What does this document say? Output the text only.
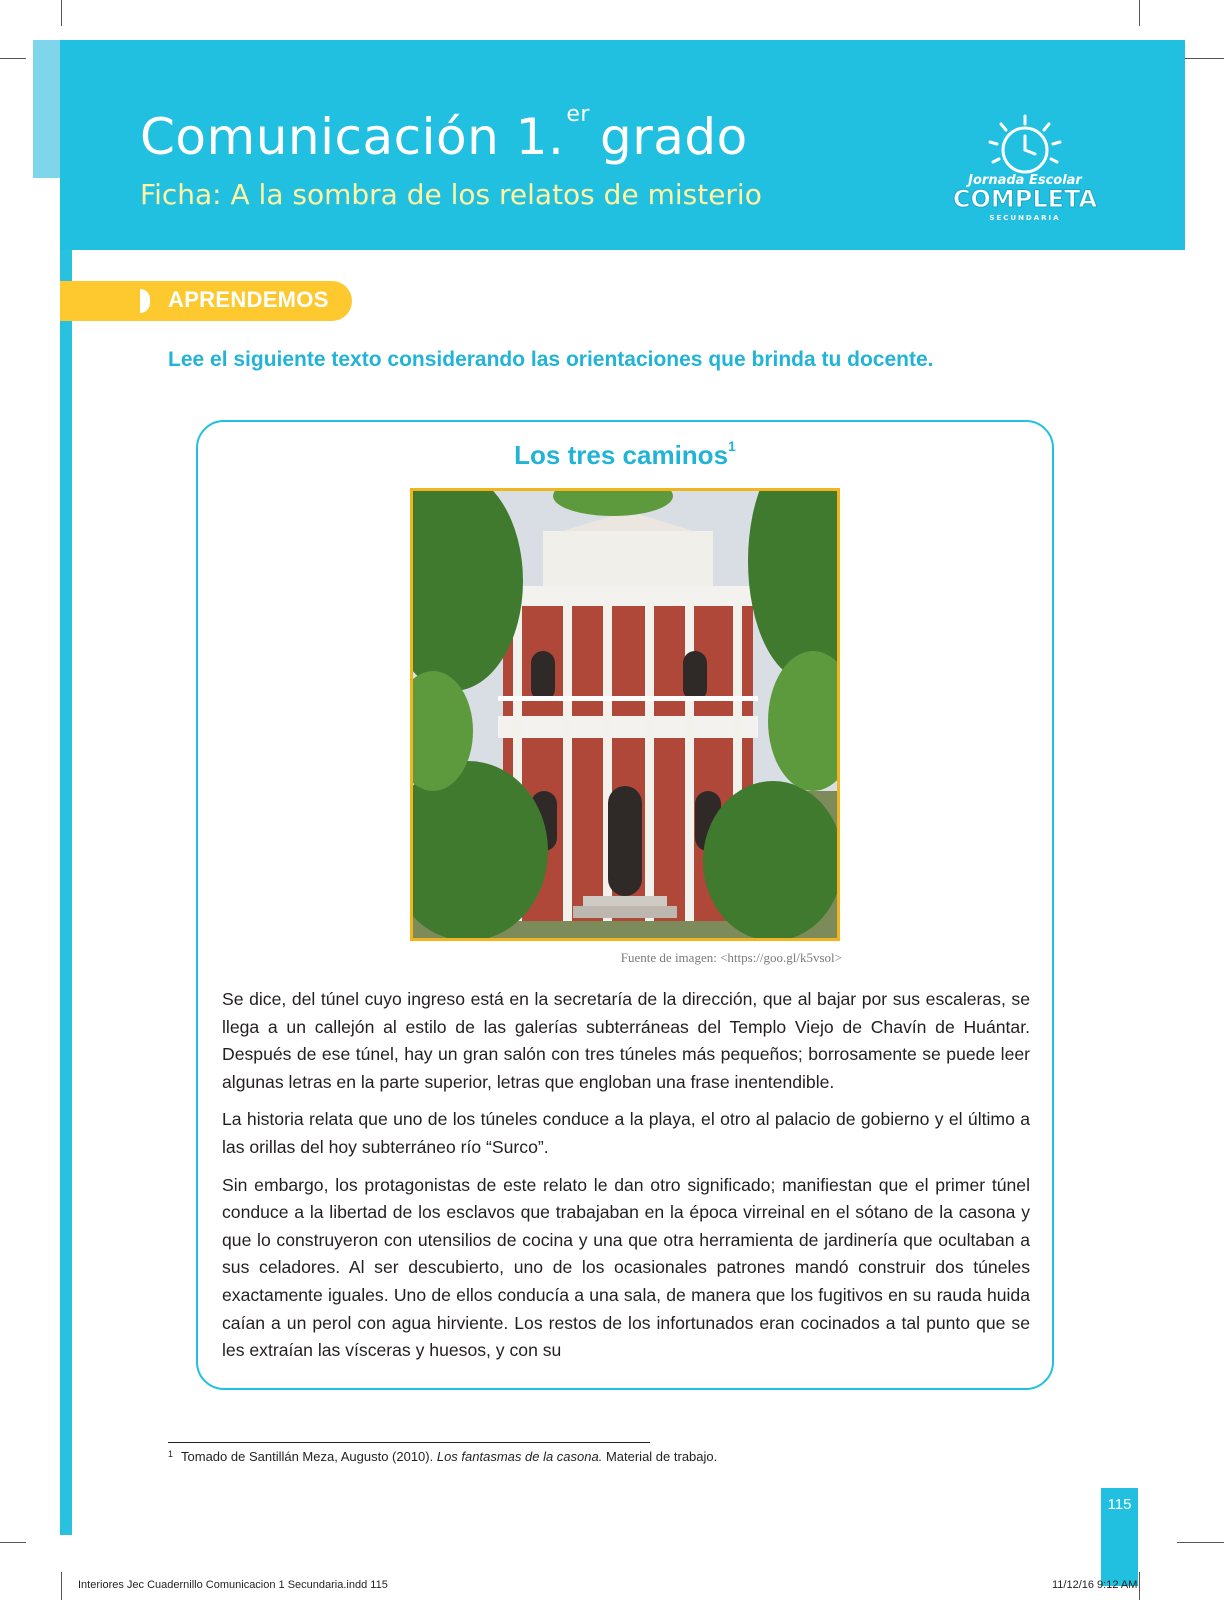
Comunicación 1.$^{er}$ grado
Ficha: A la sombra de los relatos de misterio	Jornada Escolar
COMPLETA
SECUNDARIA
APRENDEMOS
Lee el siguiente texto considerando las orientaciones que brinda tu docente.
Los tres caminos$^1$
Fuente de imagen: <https://goo.gl/k5vsol>

Se dice, del túnel cuyo ingreso está en la secretaría de la dirección, que al bajar por sus escaleras, se llega a un callejón al estilo de las galerías subterráneas del Templo Viejo de Chavín de Huántar. Después de ese túnel, hay un gran salón con tres túneles más pequeños; borrosamente se puede leer algunas letras en la parte superior, letras que engloban una frase inentendible.

La historia relata que uno de los túneles conduce a la playa, el otro al palacio de gobierno y el último a las orillas del hoy subterráneo río “Surco”.

Sin embargo, los protagonistas de este relato le dan otro significado; manifiestan que el primer túnel conduce a la libertad de los esclavos que trabajaban en la época virreinal en el sótano de la casona y que lo construyeron con utensilios de cocina y una que otra herramienta de jardinería que ocultaban a sus celadores. Al ser descubierto, uno de los ocasionales patrones mandó construir dos túneles exactamente iguales. Uno de ellos conducía a una sala, de manera que los fugitivos en su rauda huida caían a un perol con agua hirviente. Los restos de los infortunados eran cocinados a tal punto que se les extraían las vísceras y huesos, y con su

$^1$ Tomado de Santillán Meza, Augusto (2010). Los fantasmas de la casona. Material de trabajo.
115
Interiores Jec Cuadernillo Comunicacion 1 Secundaria.indd 115	11/12/16 9:12 AM
